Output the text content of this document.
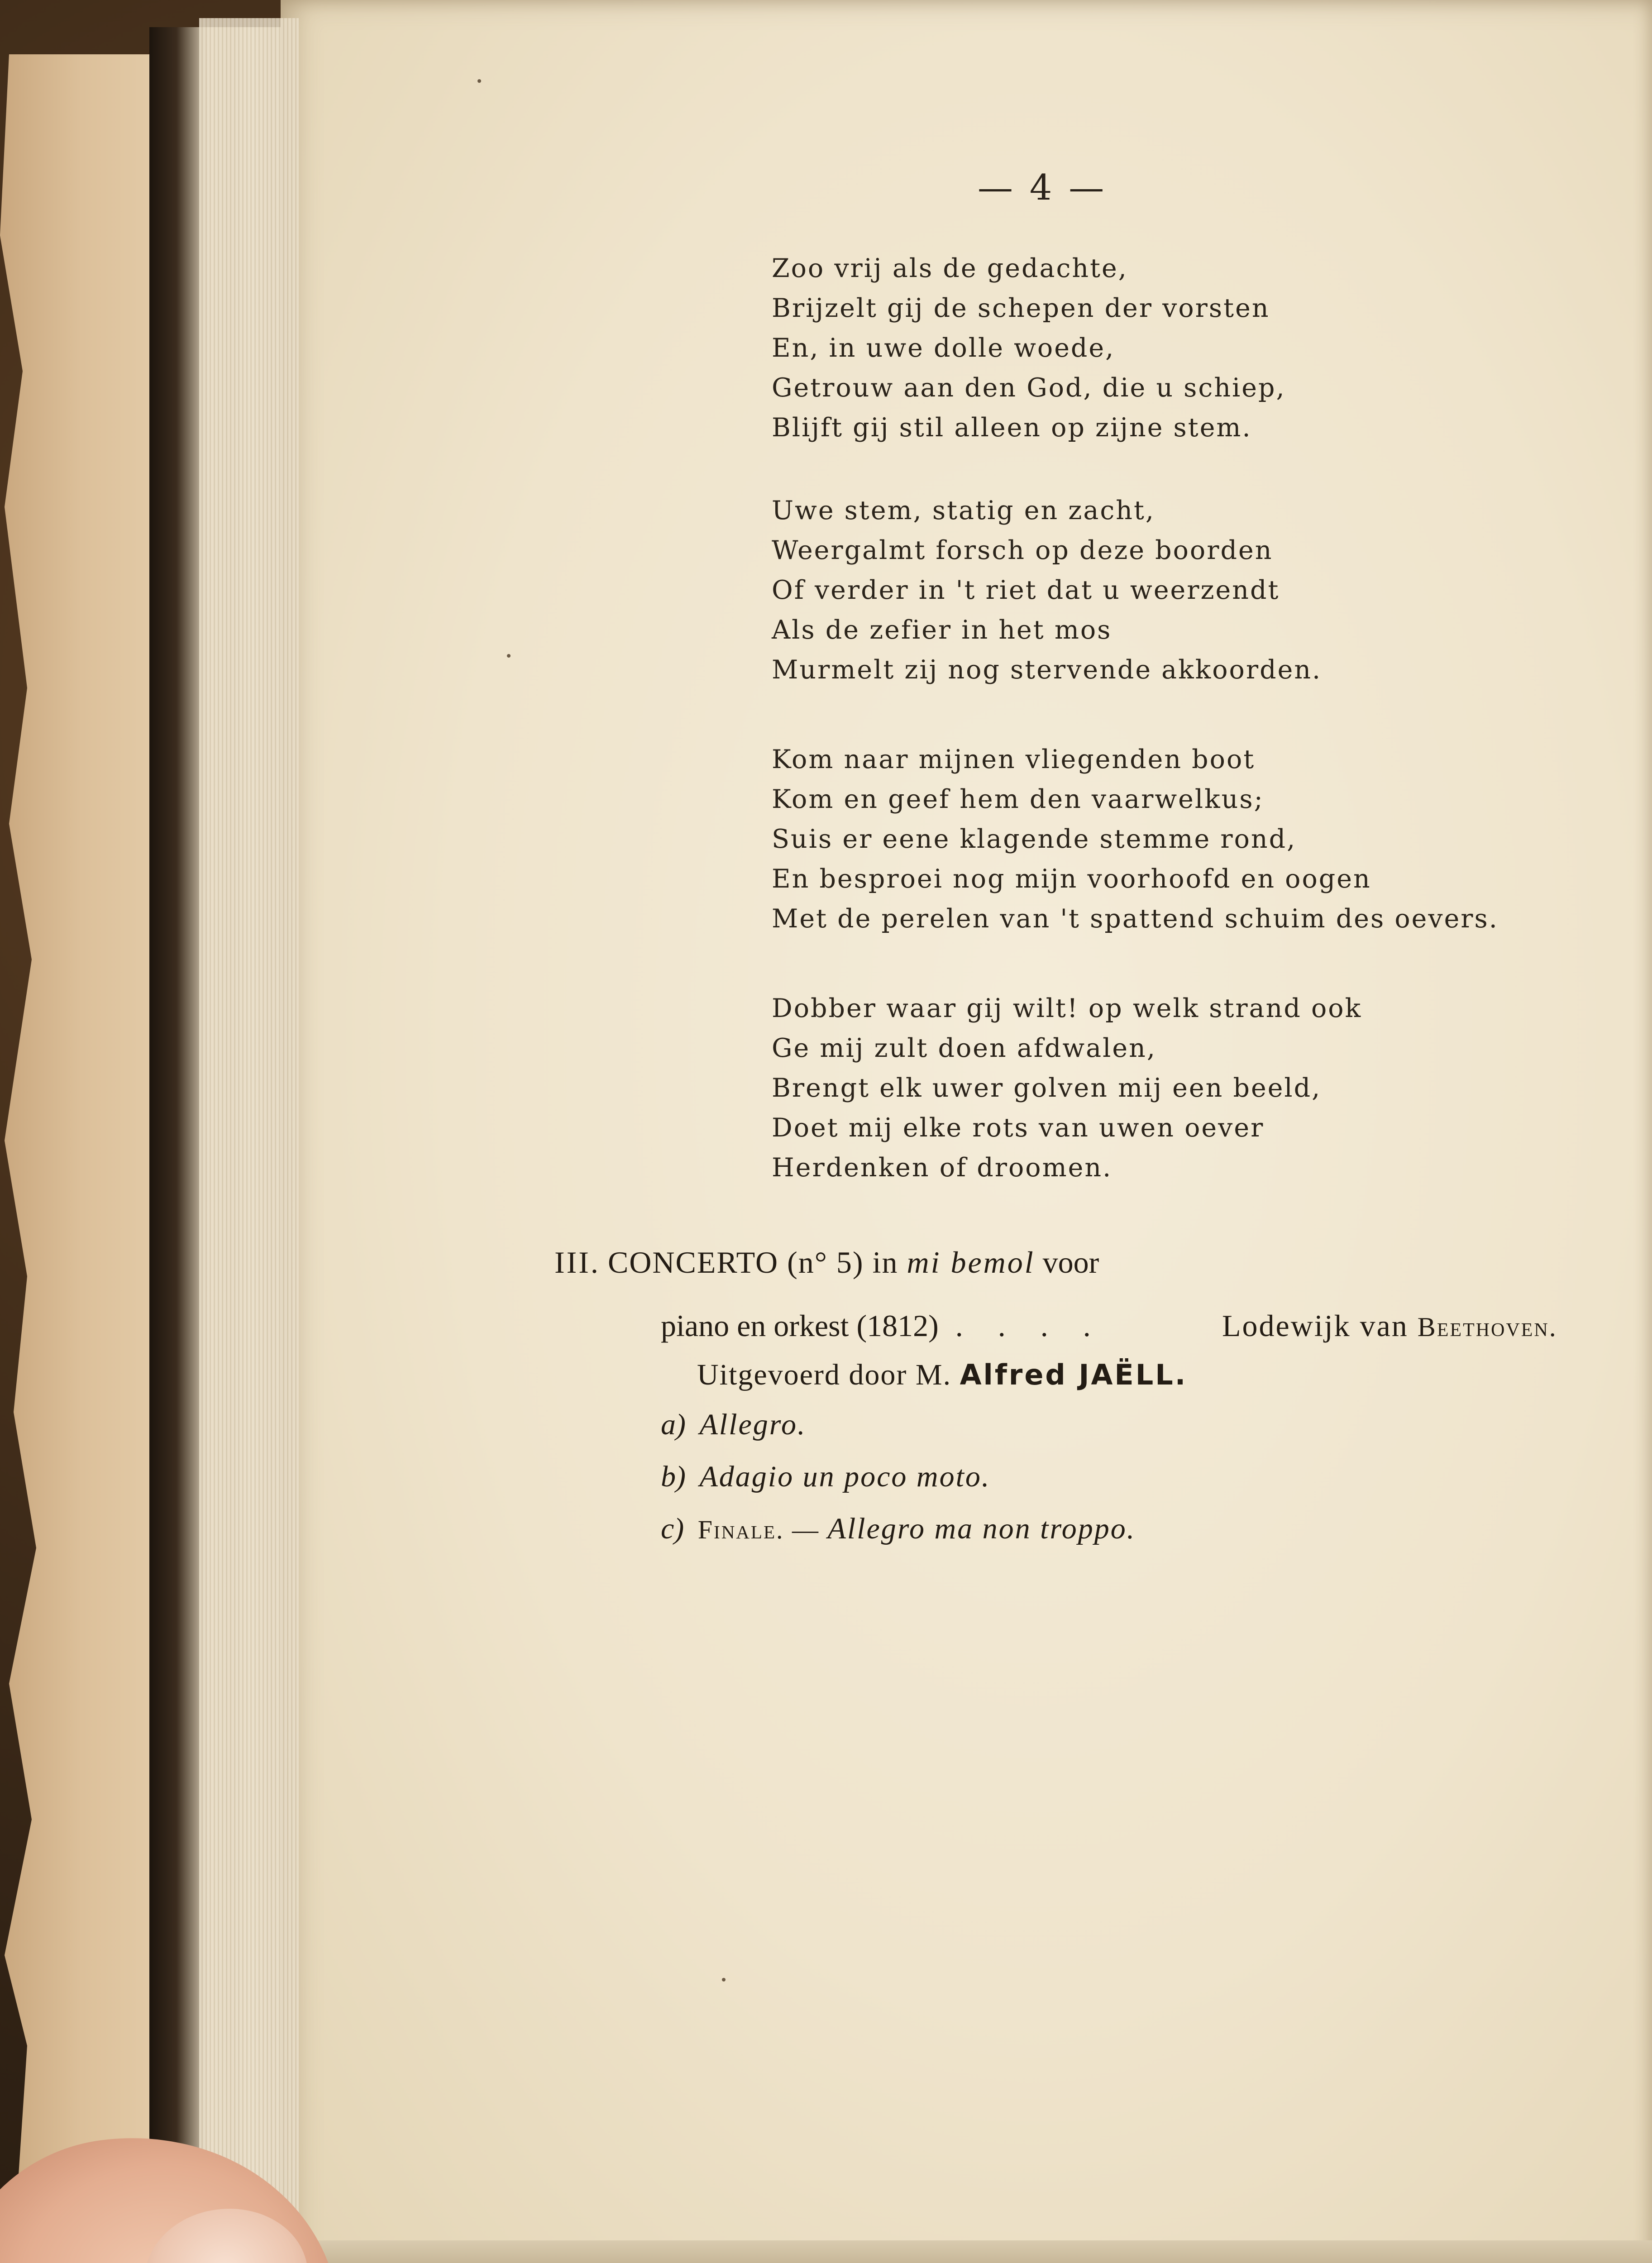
— 4 —
Zoo vrij als de gedachte,
Brijzelt gij de schepen der vorsten
En, in uwe dolle woede,
Getrouw aan den God, die u schiep,
Blijft gij stil alleen op zijne stem.
Uwe stem, statig en zacht,
Weergalmt forsch op deze boorden
Of verder in 't riet dat u weerzendt
Als de zefier in het mos
Murmelt zij nog stervende akkoorden.
Kom naar mijnen vliegenden boot
Kom en geef hem den vaarwelkus;
Suis er eene klagende stemme rond,
En besproei nog mijn voorhoofd en oogen
Met de perelen van 't spattend schuim des oevers.
Dobber waar gij wilt! op welk strand ook
Ge mij zult doen afdwalen,
Brengt elk uwer golven mij een beeld,
Doet mij elke rots van uwen oever
Herdenken of droomen.
III. CONCERTO (n° 5) in mi bemol voor
piano en orkest (1812) . . . .	Lodewijk van Beethoven.
Uitgevoerd door M. Alfred JAËLL.
a) Allegro.
b) Adagio un poco moto.
c) Finale. — Allegro ma non troppo.
